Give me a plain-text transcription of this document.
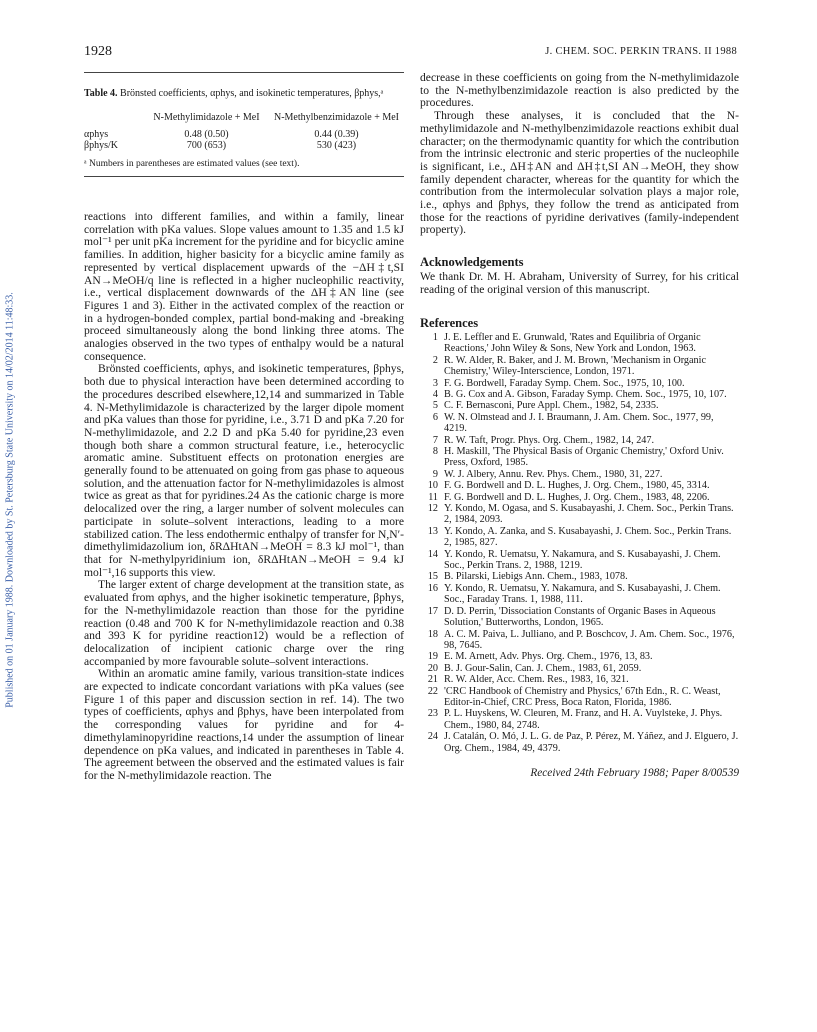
Published on 01 January 1988. Downloaded by St. Petersburg State University on 14/02/2014 11:48:33.
1928	J. CHEM. SOC. PERKIN TRANS. II 1988
Table 4. Brönsted coefficients, αphys, and isokinetic temperatures, βphys,ᵃ
	N-Methylimidazole + MeI	N-Methylbenzimidazole + MeI
αphys	0.48 (0.50)	0.44 (0.39)
βphys/K	700 (653)	530 (423)
ᵃ Numbers in parentheses are estimated values (see text).

reactions into different families, and within a family, linear correlation with pKa values. Slope values amount to 1.35 and 1.5 kJ mol⁻¹ per unit pKa increment for the pyridine and for bicyclic amine families. In addition, higher basicity for a bicyclic amine family as represented by vertical displacement upwards of the −ΔH‡t,SI AN→MeOH/q line is reflected in a higher nucleophilic reactivity, i.e., vertical displacement downwards of the ΔH‡AN line (see Figures 1 and 3). Either in the activated complex of the reaction or in a hydrogen-bonded complex, partial bond-making and -breaking proceed simultaneously along the bond linking three atoms. The analogies observed in the two types of enthalpy would be a natural consequence.

Brönsted coefficients, αphys, and isokinetic temperatures, βphys, both due to physical interaction have been determined according to the procedures described elsewhere,12,14 and summarized in Table 4. N-Methylimidazole is characterized by the larger dipole moment and pKa values than those for pyridine, i.e., 3.71 D and pKa 7.20 for N-methylimidazole, and 2.2 D and pKa 5.40 for pyridine,23 even though both share a common structural feature, i.e., heterocyclic aromatic amine. Substituent effects on protonation energies are generally found to be attenuated on going from gas phase to aqueous solution, and the attenuation factor for N-methylimidazoles is almost twice as great as that for pyridines.24 As the cationic charge is more delocalized over the ring, a larger number of solvent molecules can participate in solute–solvent interactions, leading to a more stabilized cation. The less endothermic enthalpy of transfer for N,N′-dimethylimidazolium ion, δRΔHtAN→MeOH = 8.3 kJ mol⁻¹, than that for N-methylpyridinium ion, δRΔHtAN→MeOH = 9.4 kJ mol⁻¹,16 supports this view.

The larger extent of charge development at the transition state, as evaluated from αphys, and the higher isokinetic temperature, βphys, for the N-methylimidazole reaction than those for the pyridine reaction (0.48 and 700 K for N-methylimidazole reaction and 0.38 and 393 K for pyridine reaction12) would be a reflection of delocalization of incipient cationic charge over the ring accompanied by more favourable solute–solvent interactions.

Within an aromatic amine family, various transition-state indices are expected to indicate concordant variations with pKa values (see Figure 1 of this paper and discussion section in ref. 14). The two types of coefficients, αphys and βphys, have been interpolated from the corresponding values for pyridine and for 4-dimethylaminopyridine reactions,14 under the assumption of linear dependence on pKa values, and indicated in parentheses in Table 4. The agreement between the observed and the estimated values is fair for the N-methylimidazole reaction. The

decrease in these coefficients on going from the N-methylimidazole to the N-methylbenzimidazole reaction is also predicted by the procedures.

Through these analyses, it is concluded that the N-methylimidazole and N-methylbenzimidazole reactions exhibit dual character; on the thermodynamic quantity for which the contribution from the intrinsic electronic and steric properties of the nucleophile is significant, i.e., ΔH‡AN and ΔH‡t,SI AN→MeOH, they show family dependent character, whereas for the quantity for which the contribution from the intermolecular solvation plays a major role, i.e., αphys and βphys, they follow the trend as anticipated from those for the reactions of pyridine derivatives (family-independent property).

Acknowledgements

We thank Dr. M. H. Abraham, University of Surrey, for his critical reading of the original version of this manuscript.

References
1 J. E. Leffler and E. Grunwald, 'Rates and Equilibria of Organic Reactions,' John Wiley & Sons, New York and London, 1963.
2 R. W. Alder, R. Baker, and J. M. Brown, 'Mechanism in Organic Chemistry,' Wiley-Interscience, London, 1971.
3 F. G. Bordwell, Faraday Symp. Chem. Soc., 1975, 10, 100.
4 B. G. Cox and A. Gibson, Faraday Symp. Chem. Soc., 1975, 10, 107.
5 C. F. Bernasconi, Pure Appl. Chem., 1982, 54, 2335.
6 W. N. Olmstead and J. I. Braumann, J. Am. Chem. Soc., 1977, 99, 4219.
7 R. W. Taft, Progr. Phys. Org. Chem., 1982, 14, 247.
8 H. Maskill, 'The Physical Basis of Organic Chemistry,' Oxford Univ. Press, Oxford, 1985.
9 W. J. Albery, Annu. Rev. Phys. Chem., 1980, 31, 227.
10 F. G. Bordwell and D. L. Hughes, J. Org. Chem., 1980, 45, 3314.
11 F. G. Bordwell and D. L. Hughes, J. Org. Chem., 1983, 48, 2206.
12 Y. Kondo, M. Ogasa, and S. Kusabayashi, J. Chem. Soc., Perkin Trans. 2, 1984, 2093.
13 Y. Kondo, A. Zanka, and S. Kusabayashi, J. Chem. Soc., Perkin Trans. 2, 1985, 827.
14 Y. Kondo, R. Uematsu, Y. Nakamura, and S. Kusabayashi, J. Chem. Soc., Perkin Trans. 2, 1988, 1219.
15 B. Pilarski, Liebigs Ann. Chem., 1983, 1078.
16 Y. Kondo, R. Uematsu, Y. Nakamura, and S. Kusabayashi, J. Chem. Soc., Faraday Trans. 1, 1988, 111.
17 D. D. Perrin, 'Dissociation Constants of Organic Bases in Aqueous Solution,' Butterworths, London, 1965.
18 A. C. M. Paiva, L. Julliano, and P. Boschcov, J. Am. Chem. Soc., 1976, 98, 7645.
19 E. M. Arnett, Adv. Phys. Org. Chem., 1976, 13, 83.
20 B. J. Gour-Salin, Can. J. Chem., 1983, 61, 2059.
21 R. W. Alder, Acc. Chem. Res., 1983, 16, 321.
22 'CRC Handbook of Chemistry and Physics,' 67th Edn., R. C. Weast, Editor-in-Chief, CRC Press, Boca Raton, Florida, 1986.
23 P. L. Huyskens, W. Cleuren, M. Franz, and H. A. Vuylsteke, J. Phys. Chem., 1980, 84, 2748.
24 J. Catalán, O. Mó, J. L. G. de Paz, P. Pérez, M. Yáñez, and J. Elguero, J. Org. Chem., 1984, 49, 4379.
Received 24th February 1988; Paper 8/00539
